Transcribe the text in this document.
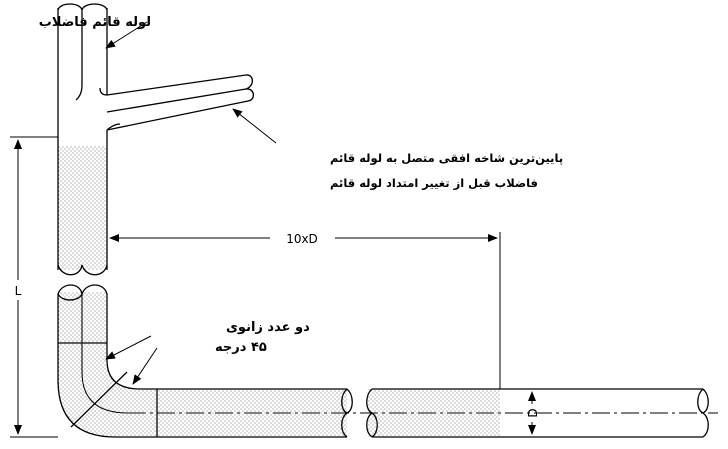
لوله قائم فاضلاب
پایین‌ترین شاخه افقی متصل به لوله قائم
فاضلاب قبل از تغییر امتداد لوله قائم
دو عدد زانوی
۴۵ درجه
10xD
L
D
